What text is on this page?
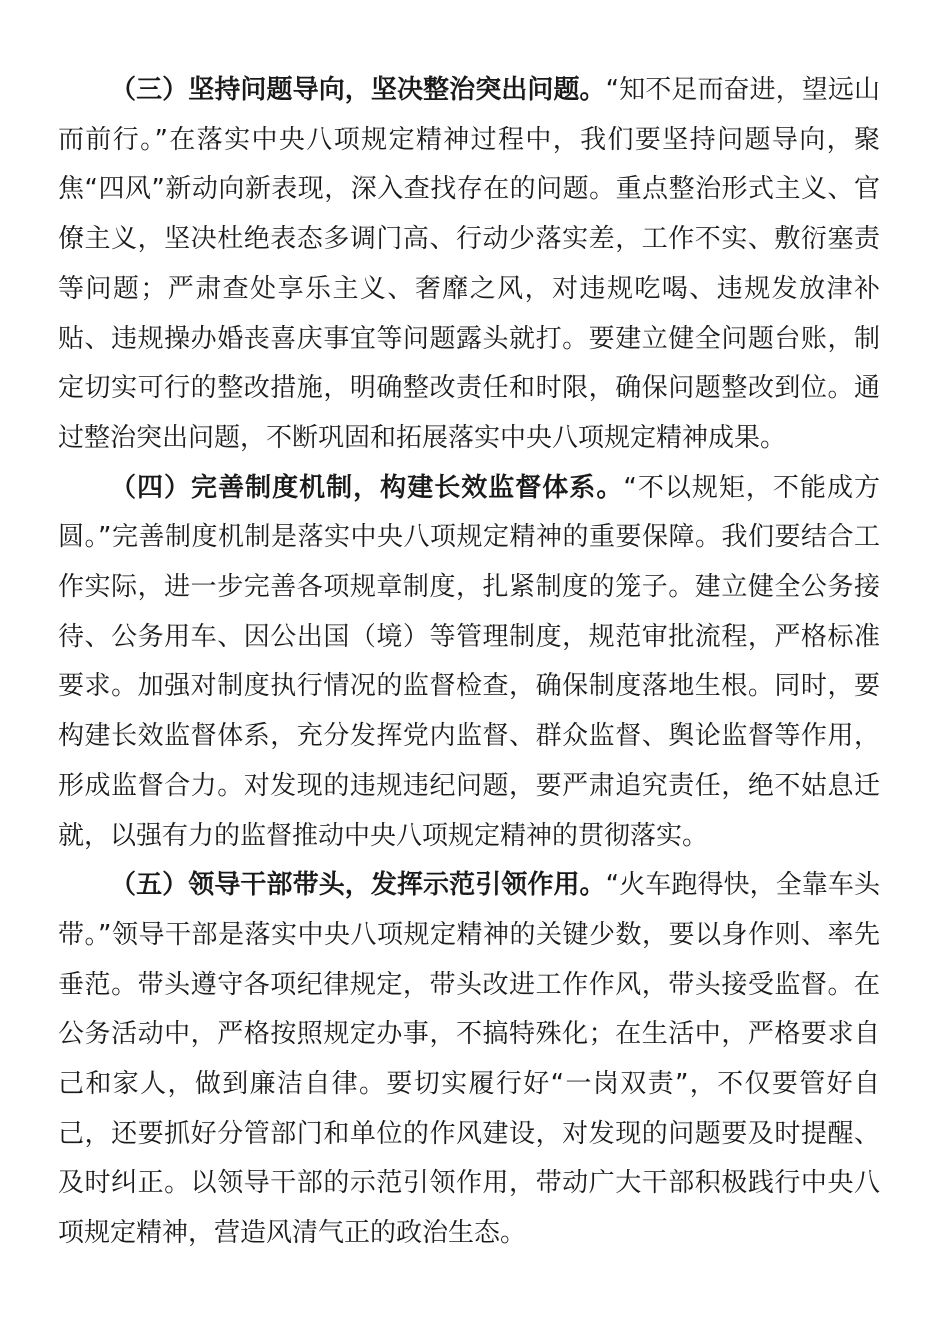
（三）坚持问题导向，坚决整治突出问题。“知不足而奋进，望远山而前行。”在落实中央八项规定精神过程中，我们要坚持问题导向，聚焦“四风”新动向新表现，深入查找存在的问题。重点整治形式主义、官僚主义，坚决杜绝表态多调门高、行动少落实差，工作不实、敷衍塞责等问题；严肃查处享乐主义、奢靡之风，对违规吃喝、违规发放津补贴、违规操办婚丧喜庆事宜等问题露头就打。要建立健全问题台账，制定切实可行的整改措施，明确整改责任和时限，确保问题整改到位。通过整治突出问题，不断巩固和拓展落实中央八项规定精神成果。

（四）完善制度机制，构建长效监督体系。“不以规矩，不能成方圆。”完善制度机制是落实中央八项规定精神的重要保障。我们要结合工作实际，进一步完善各项规章制度，扎紧制度的笼子。建立健全公务接待、公务用车、因公出国（境）等管理制度，规范审批流程，严格标准要求。加强对制度执行情况的监督检查，确保制度落地生根。同时，要构建长效监督体系，充分发挥党内监督、群众监督、舆论监督等作用，形成监督合力。对发现的违规违纪问题，要严肃追究责任，绝不姑息迁就，以强有力的监督推动中央八项规定精神的贯彻落实。

（五）领导干部带头，发挥示范引领作用。“火车跑得快，全靠车头带。”领导干部是落实中央八项规定精神的关键少数，要以身作则、率先垂范。带头遵守各项纪律规定，带头改进工作作风，带头接受监督。在公务活动中，严格按照规定办事，不搞特殊化；在生活中，严格要求自己和家人，做到廉洁自律。要切实履行好“一岗双责”，不仅要管好自己，还要抓好分管部门和单位的作风建设，对发现的问题要及时提醒、及时纠正。以领导干部的示范引领作用，带动广大干部积极践行中央八项规定精神，营造风清气正的政治生态。
